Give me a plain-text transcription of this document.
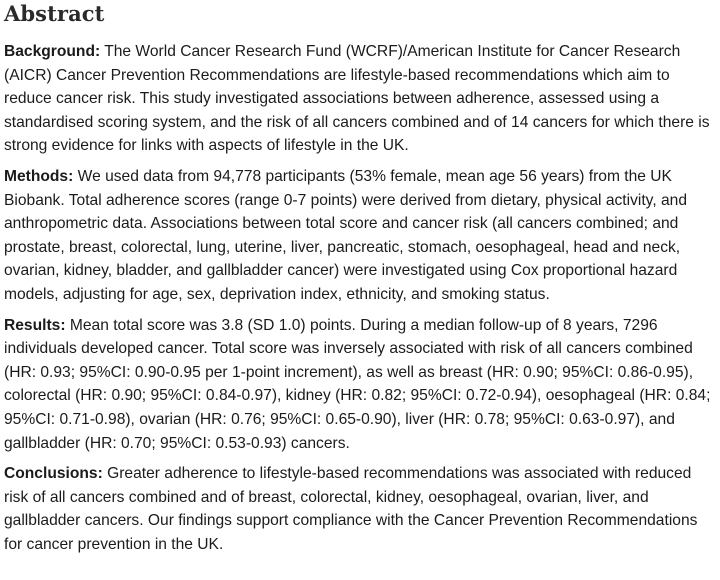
Abstract

Background: The World Cancer Research Fund (WCRF)/American Institute for Cancer Research (AICR) Cancer Prevention Recommendations are lifestyle-based recommendations which aim to reduce cancer risk. This study investigated associations between adherence, assessed using a standardised scoring system, and the risk of all cancers combined and of 14 cancers for which there is strong evidence for links with aspects of lifestyle in the UK.

Methods: We used data from 94,778 participants (53% female, mean age 56 years) from the UK Biobank. Total adherence scores (range 0-7 points) were derived from dietary, physical activity, and anthropometric data. Associations between total score and cancer risk (all cancers combined; and prostate, breast, colorectal, lung, uterine, liver, pancreatic, stomach, oesophageal, head and neck, ovarian, kidney, bladder, and gallbladder cancer) were investigated using Cox proportional hazard models, adjusting for age, sex, deprivation index, ethnicity, and smoking status.

Results: Mean total score was 3.8 (SD 1.0) points. During a median follow-up of 8 years, 7296 individuals developed cancer. Total score was inversely associated with risk of all cancers combined (HR: 0.93; 95%CI: 0.90-0.95 per 1-point increment), as well as breast (HR: 0.90; 95%CI: 0.86-0.95), colorectal (HR: 0.90; 95%CI: 0.84-0.97), kidney (HR: 0.82; 95%CI: 0.72-0.94), oesophageal (HR: 0.84; 95%CI: 0.71-0.98), ovarian (HR: 0.76; 95%CI: 0.65-0.90), liver (HR: 0.78; 95%CI: 0.63-0.97), and gallbladder (HR: 0.70; 95%CI: 0.53-0.93) cancers.

Conclusions: Greater adherence to lifestyle-based recommendations was associated with reduced risk of all cancers combined and of breast, colorectal, kidney, oesophageal, ovarian, liver, and gallbladder cancers. Our findings support compliance with the Cancer Prevention Recommendations for cancer prevention in the UK.
